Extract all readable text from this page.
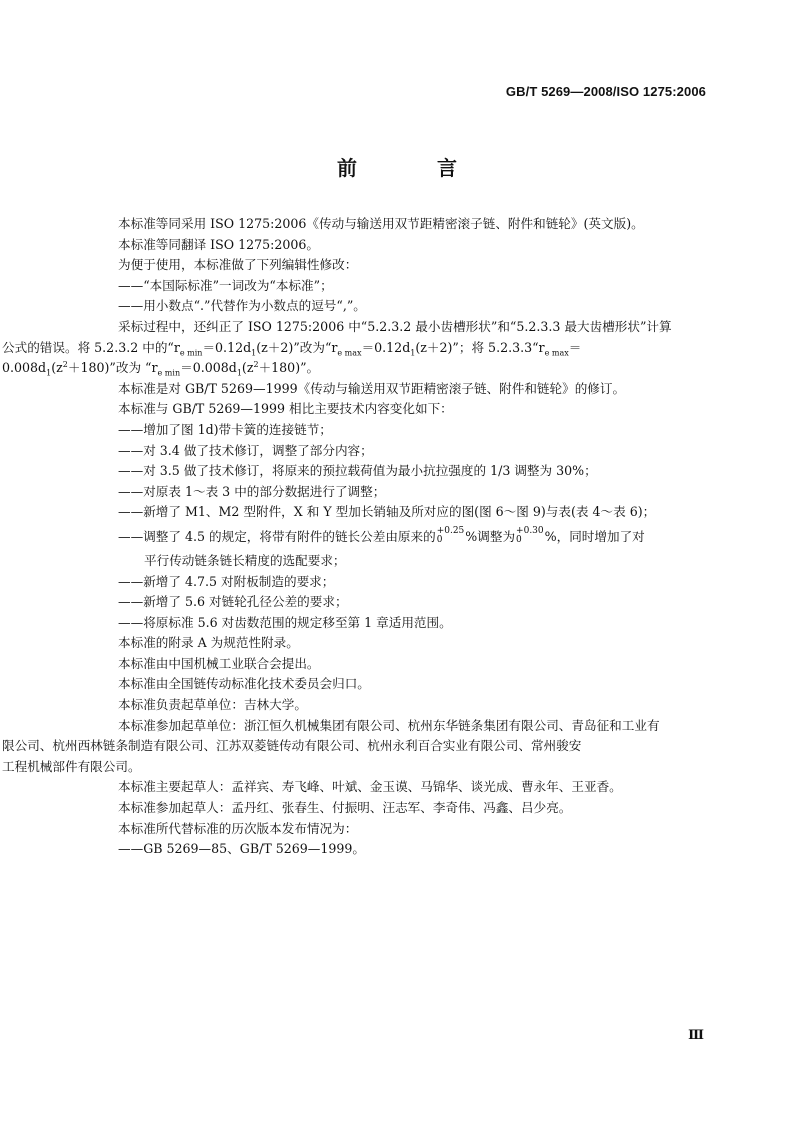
GB/T 5269—2008/ISO 1275:2006
前　言

本标准等同采用 ISO 1275:2006《传动与输送用双节距精密滚子链、附件和链轮》(英文版)。

本标准等同翻译 ISO 1275:2006。

为便于使用，本标准做了下列编辑性修改：

——“本国际标准”一词改为“本标准”；

——用小数点“.”代替作为小数点的逗号“,”。

采标过程中，还纠正了 ISO 1275:2006 中“5.2.3.2 最小齿槽形状”和“5.2.3.3 最大齿槽形状”计算

公式的错误。将 5.2.3.2 中的“$r_{e min}=0.12d_1(z+2)$”改为“$r_{e max}=0.12d_1(z+2)$”；将 $5.2.3.3“r_{e max}=$

$0.008d_1(z^2+180)$”改为 “$r_{e min}=0.008d_1(z^2+180)$”。

本标准是对 GB/T 5269—1999《传动与输送用双节距精密滚子链、附件和链轮》的修订。

本标准与 GB/T 5269—1999 相比主要技术内容变化如下：

——增加了图 1d)带卡簧的连接链节；

——对 3.4 做了技术修订，调整了部分内容；

——对 3.5 做了技术修订，将原来的预拉载荷值为最小抗拉强度的 1/3 调整为 30%；

——对原表 1～表 3 中的部分数据进行了调整；

——新增了 M1、M2 型附件，X 和 Y 型加长销轴及所对应的图(图 6～图 9)与表(表 4～表 6)；

——调整了 4.5 的规定，将带有附件的链长公差由原来的 +0.25
0	%调整为 +0.30
0	%，同时增加了对

平行传动链条链长精度的选配要求；

——新增了 4.7.5 对附板制造的要求；

——新增了 5.6 对链轮孔径公差的要求；

——将原标准 5.6 对齿数范围的规定移至第 1 章适用范围。

本标准的附录 A 为规范性附录。

本标准由中国机械工业联合会提出。

本标准由全国链传动标准化技术委员会归口。

本标准负责起草单位：吉林大学。

本标准参加起草单位：浙江恒久机械集团有限公司、杭州东华链条集团有限公司、青岛征和工业有

限公司、杭州西林链条制造有限公司、江苏双菱链传动有限公司、杭州永利百合实业有限公司、常州骏安

工程机械部件有限公司。

本标准主要起草人：孟祥宾、寿飞峰、叶斌、金玉谟、马锦华、谈光成、曹永年、王亚香。

本标准参加起草人：孟丹红、张春生、付振明、汪志军、李奇伟、冯鑫、吕少亮。

本标准所代替标准的历次版本发布情况为：

——GB 5269—85、GB/T 5269—1999。

Ⅲ
